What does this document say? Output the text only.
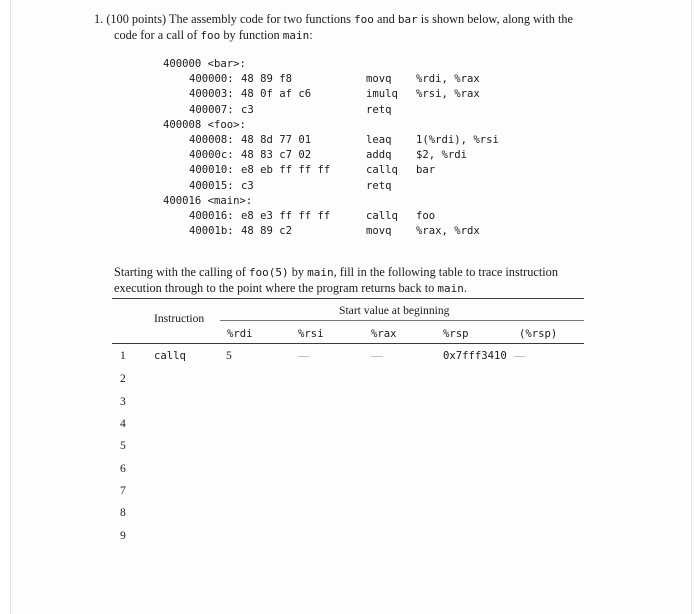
1. (100 points) The assembly code for two functions foo and bar is shown below, along with the
code for a call of foo by function main:
400000 <bar>:
400000: 48 89 f8	movq %rdi, %rax
400003: 48 0f af c6	imulq %rsi, %rax
400007: c3	retq
400008 <foo>:
400008: 48 8d 77 01	leaq 1(%rdi), %rsi
40000c: 48 83 c7 02	addq $2, %rdi
400010: e8 eb ff ff ff	callq bar
400015: c3	retq
400016 <main>:
400016: e8 e3 ff ff ff	callq foo
40001b: 48 89 c2	movq %rax, %rdx
Starting with the calling of foo(5) by main, fill in the following table to trace instruction
execution through to the point where the program returns back to main.
Instruction
Start value at beginning
%rdi	%rsi	%rax	%rsp	(%rsp)
1	callq	5	—	—	0x7fff3410 —
2
3
4
5
6
7
8
9
